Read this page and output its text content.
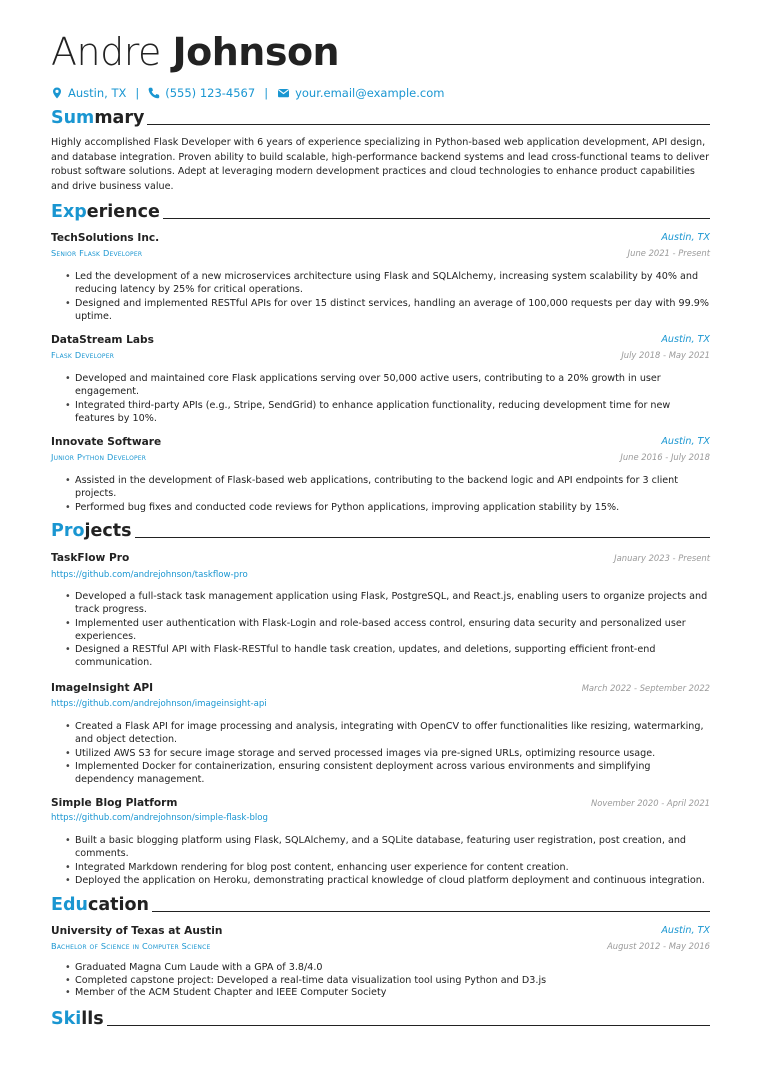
Andre Johnson
Austin, TX | (555) 123-4567 | your.email@example.com
Summary
Highly accomplished Flask Developer with 6 years of experience specializing in Python-based web application development, API design, and database integration. Proven ability to build scalable, high-performance backend systems and lead cross-functional teams to deliver robust software solutions. Adept at leveraging modern development practices and cloud technologies to enhance product capabilities and drive business value.
Experience
TechSolutions Inc.	Austin, TX
Senior Flask Developer	June 2021 - Present
• Led the development of a new microservices architecture using Flask and SQLAlchemy, increasing system scalability by 40% and reducing latency by 25% for critical operations.
• Designed and implemented RESTful APIs for over 15 distinct services, handling an average of 100,000 requests per day with 99.9% uptime.
DataStream Labs	Austin, TX
Flask Developer	July 2018 - May 2021
• Developed and maintained core Flask applications serving over 50,000 active users, contributing to a 20% growth in user engagement.
• Integrated third-party APIs (e.g., Stripe, SendGrid) to enhance application functionality, reducing development time for new features by 10%.
Innovate Software	Austin, TX
Junior Python Developer	June 2016 - July 2018
• Assisted in the development of Flask-based web applications, contributing to the backend logic and API endpoints for 3 client projects.
• Performed bug fixes and conducted code reviews for Python applications, improving application stability by 15%.
Projects
TaskFlow Pro	January 2023 - Present
https://github.com/andrejohnson/taskflow-pro
• Developed a full-stack task management application using Flask, PostgreSQL, and React.js, enabling users to organize projects and track progress.
• Implemented user authentication with Flask-Login and role-based access control, ensuring data security and personalized user experiences.
• Designed a RESTful API with Flask-RESTful to handle task creation, updates, and deletions, supporting efficient front-end communication.
ImageInsight API	March 2022 - September 2022
https://github.com/andrejohnson/imageinsight-api
• Created a Flask API for image processing and analysis, integrating with OpenCV to offer functionalities like resizing, watermarking, and object detection.
• Utilized AWS S3 for secure image storage and served processed images via pre-signed URLs, optimizing resource usage.
• Implemented Docker for containerization, ensuring consistent deployment across various environments and simplifying dependency management.
Simple Blog Platform	November 2020 - April 2021
https://github.com/andrejohnson/simple-flask-blog
• Built a basic blogging platform using Flask, SQLAlchemy, and a SQLite database, featuring user registration, post creation, and comments.
• Integrated Markdown rendering for blog post content, enhancing user experience for content creation.
• Deployed the application on Heroku, demonstrating practical knowledge of cloud platform deployment and continuous integration.
Education
University of Texas at Austin	Austin, TX
Bachelor of Science in Computer Science	August 2012 - May 2016
• Graduated Magna Cum Laude with a GPA of 3.8/4.0
• Completed capstone project: Developed a real-time data visualization tool using Python and D3.js
• Member of the ACM Student Chapter and IEEE Computer Society
Skills
